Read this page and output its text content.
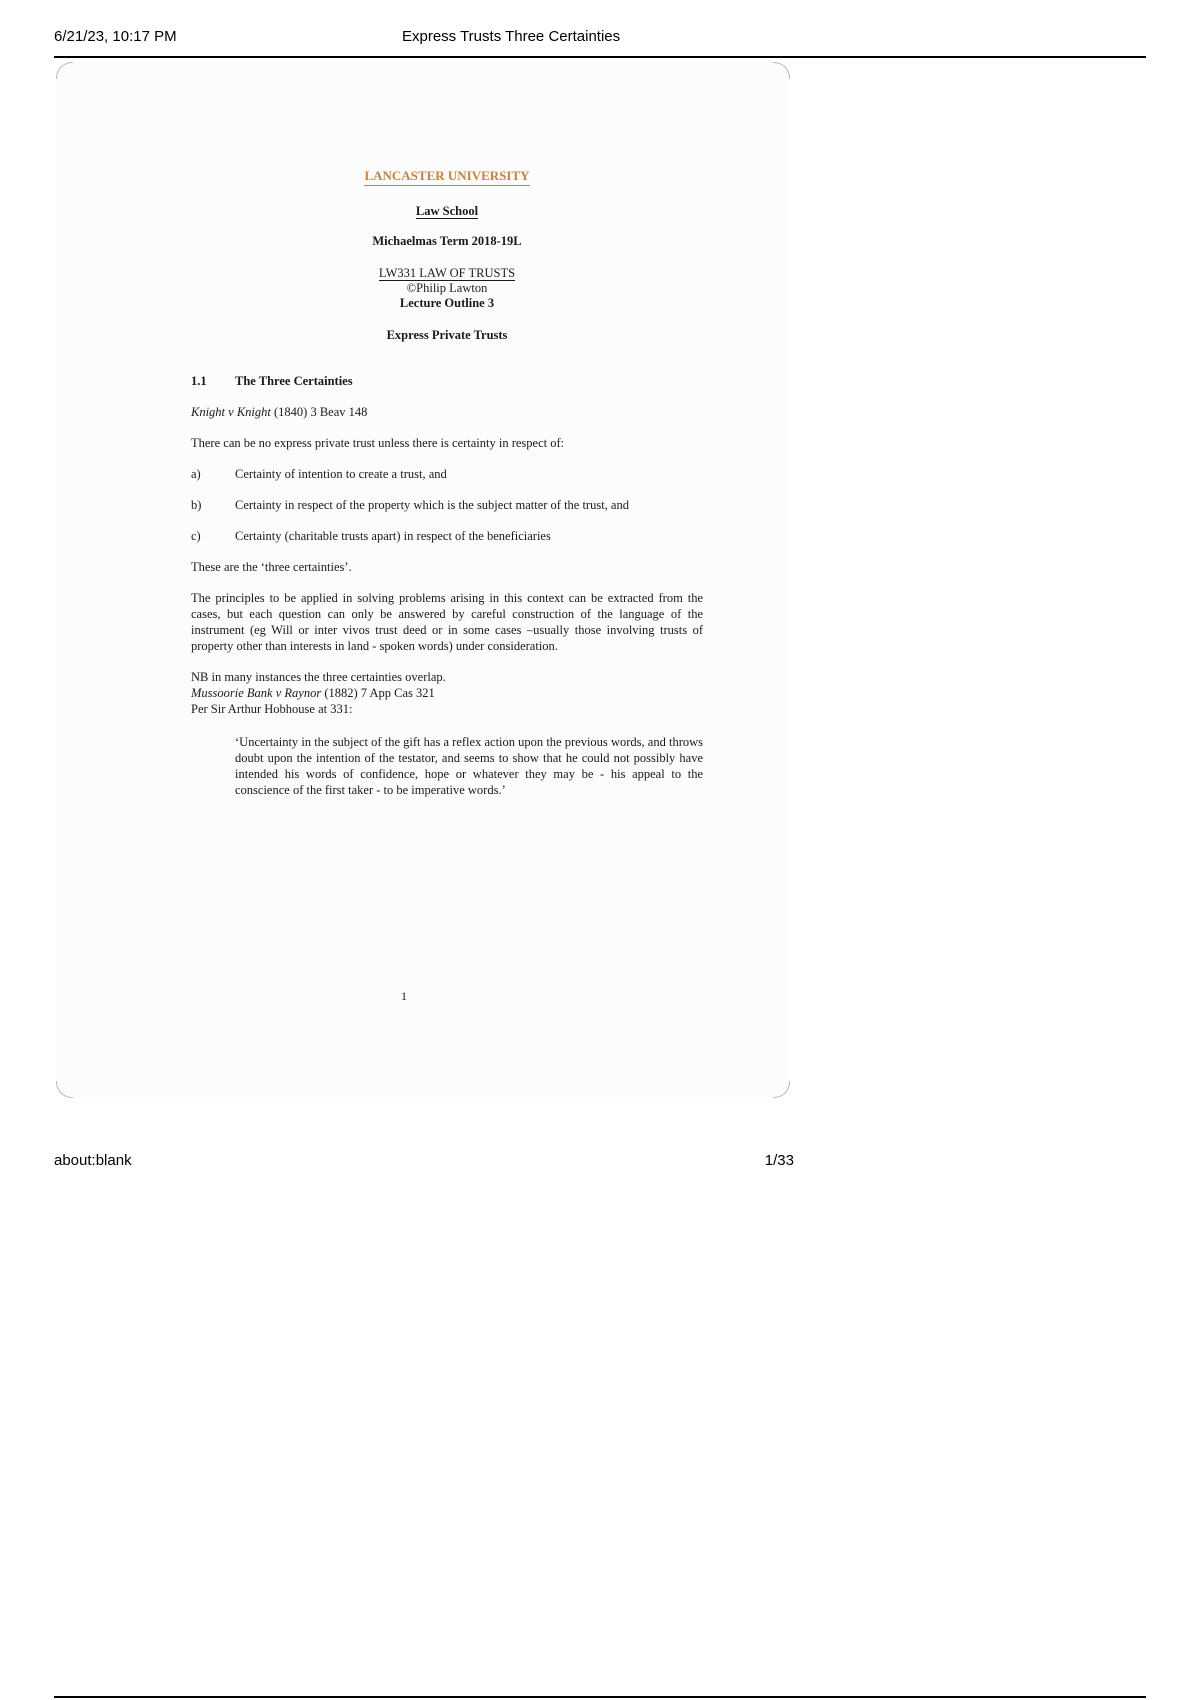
6/21/23, 10:17 PM	Express Trusts Three Certainties
LANCASTER UNIVERSITY
Law School
Michaelmas Term 2018-19L
LW331 LAW OF TRUSTS
©Philip Lawton
Lecture Outline 3
Express Private Trusts
1.1	The Three Certainties
Knight v Knight (1840) 3 Beav 148
There can be no express private trust unless there is certainty in respect of:
a)	Certainty of intention to create a trust, and
b)	Certainty in respect of the property which is the subject matter of the trust, and
c)	Certainty (charitable trusts apart) in respect of the beneficiaries
These are the ‘three certainties’.
The principles to be applied in solving problems arising in this context can be extracted from the cases, but each question can only be answered by careful construction of the language of the instrument (eg Will or inter vivos trust deed or in some cases –usually those involving trusts of property other than interests in land - spoken words) under consideration.
NB in many instances the three certainties overlap.
Mussoorie Bank v Raynor (1882) 7 App Cas 321
Per Sir Arthur Hobhouse at 331:
‘Uncertainty in the subject of the gift has a reflex action upon the previous words, and throws doubt upon the intention of the testator, and seems to show that he could not possibly have intended his words of confidence, hope or whatever they may be - his appeal to the conscience of the first taker - to be imperative words.’
1
about:blank	1/33
